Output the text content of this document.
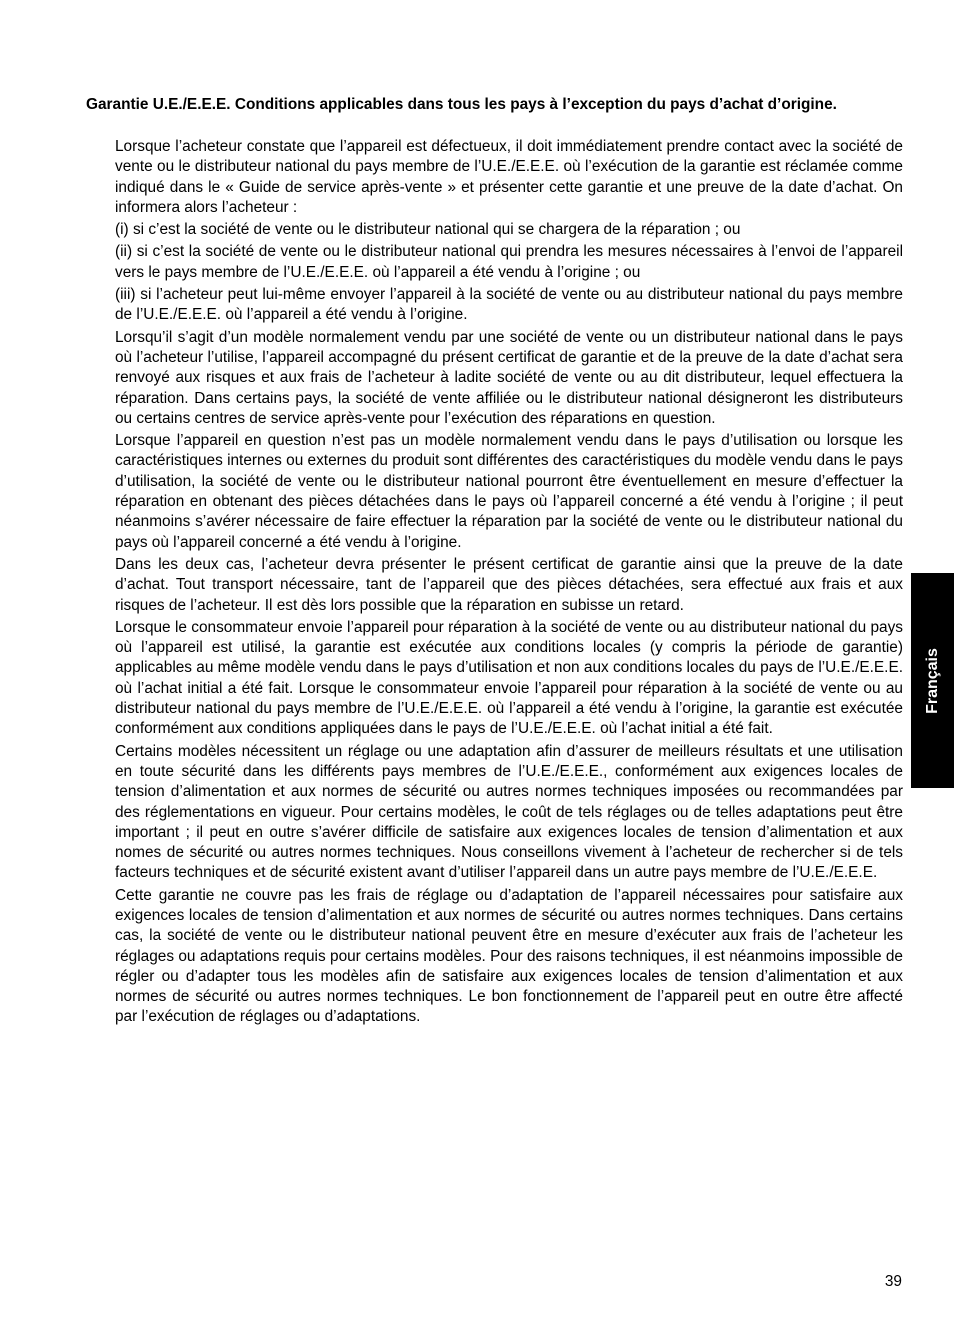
Garantie U.E./E.E.E. Conditions applicables dans tous les pays à l’exception du pays d’achat d’origine.

Lorsque l’acheteur constate que l’appareil est défectueux, il doit immédiatement prendre contact avec la société de vente ou le distributeur national du pays membre de l’U.E./E.E.E. où l’exécution de la garantie est réclamée comme indiqué dans le « Guide de service après-vente » et présenter cette garantie et une preuve de la date d’achat. On informera alors l’acheteur :

(i) si c’est la société de vente ou le distributeur national qui se chargera de la réparation ; ou

(ii) si c’est la société de vente ou le distributeur national qui prendra les mesures nécessaires à l’envoi de l’appareil vers le pays membre de l’U.E./E.E.E. où l’appareil a été vendu à l’origine ; ou

(iii) si l’acheteur peut lui-même envoyer l’appareil à la société de vente ou au distributeur national du pays membre de l’U.E./E.E.E. où l’appareil a été vendu à l’origine.

Lorsqu’il s’agit d’un modèle normalement vendu par une société de vente ou un distributeur national dans le pays où l’acheteur l’utilise, l’appareil accompagné du présent certificat de garantie et de la preuve de la date d’achat sera renvoyé aux risques et aux frais de l’acheteur à ladite société de vente ou au dit distributeur, lequel effectuera la réparation. Dans certains pays, la société de vente affiliée ou le distributeur national désigneront les distributeurs ou certains centres de service après-vente pour l’exécution des réparations en question.

Lorsque l’appareil en question n’est pas un modèle normalement vendu dans le pays d’utilisation ou lorsque les caractéristiques internes ou externes du produit sont différentes des caractéristiques du modèle vendu dans le pays d’utilisation, la société de vente ou le distributeur national pourront être éventuellement en mesure d’effectuer la réparation en obtenant des pièces détachées dans le pays où l’appareil concerné a été vendu à l’origine ; il peut néanmoins s’avérer nécessaire de faire effectuer la réparation par la société de vente ou le distributeur national du pays où l’appareil concerné a été vendu à l’origine.

Dans les deux cas, l’acheteur devra présenter le présent certificat de garantie ainsi que la preuve de la date d’achat. Tout transport nécessaire, tant de l’appareil que des pièces détachées, sera effectué aux frais et aux risques de l’acheteur. Il est dès lors possible que la réparation en subisse un retard.

Lorsque le consommateur envoie l’appareil pour réparation à la société de vente ou au distributeur national du pays où l’appareil est utilisé, la garantie est exécutée aux conditions locales (y compris la période de garantie) applicables au même modèle vendu dans le pays d’utilisation et non aux conditions locales du pays de l’U.E./E.E.E. où l’achat initial a été fait. Lorsque le consommateur envoie l’appareil pour réparation à la société de vente ou au distributeur national du pays membre de l’U.E./E.E.E. où l’appareil a été vendu à l’origine, la garantie est exécutée conformément aux conditions appliquées dans le pays de l’U.E./E.E.E. où l’achat initial a été fait.

Certains modèles nécessitent un réglage ou une adaptation afin d’assurer de meilleurs résultats et une utilisation en toute sécurité dans les différents pays membres de l’U.E./E.E.E., conformément aux exigences locales de tension d’alimentation et aux normes de sécurité ou autres normes techniques imposées ou recommandées par des réglementations en vigueur. Pour certains modèles, le coût de tels réglages ou de telles adaptations peut être important ; il peut en outre s’avérer difficile de satisfaire aux exigences locales de tension d’alimentation et aux nomes de sécurité ou autres normes techniques. Nous conseillons vivement à l’acheteur de rechercher si de tels facteurs techniques et de sécurité existent avant d’utiliser l’appareil dans un autre pays membre de l’U.E./E.E.E.

Cette garantie ne couvre pas les frais de réglage ou d’adaptation de l’appareil nécessaires pour satisfaire aux exigences locales de tension d’alimentation et aux normes de sécurité ou autres normes techniques. Dans certains cas, la société de vente ou le distributeur national peuvent être en mesure d’exécuter aux frais de l’acheteur les réglages ou adaptations requis pour certains modèles. Pour des raisons techniques, il est néanmoins impossible de régler ou d’adapter tous les modèles afin de satisfaire aux exigences locales de tension d’alimentation et aux normes de sécurité ou autres normes techniques. Le bon fonctionnement de l’appareil peut en outre être affecté par l’exécution de réglages ou d’adaptations.

Français
39
